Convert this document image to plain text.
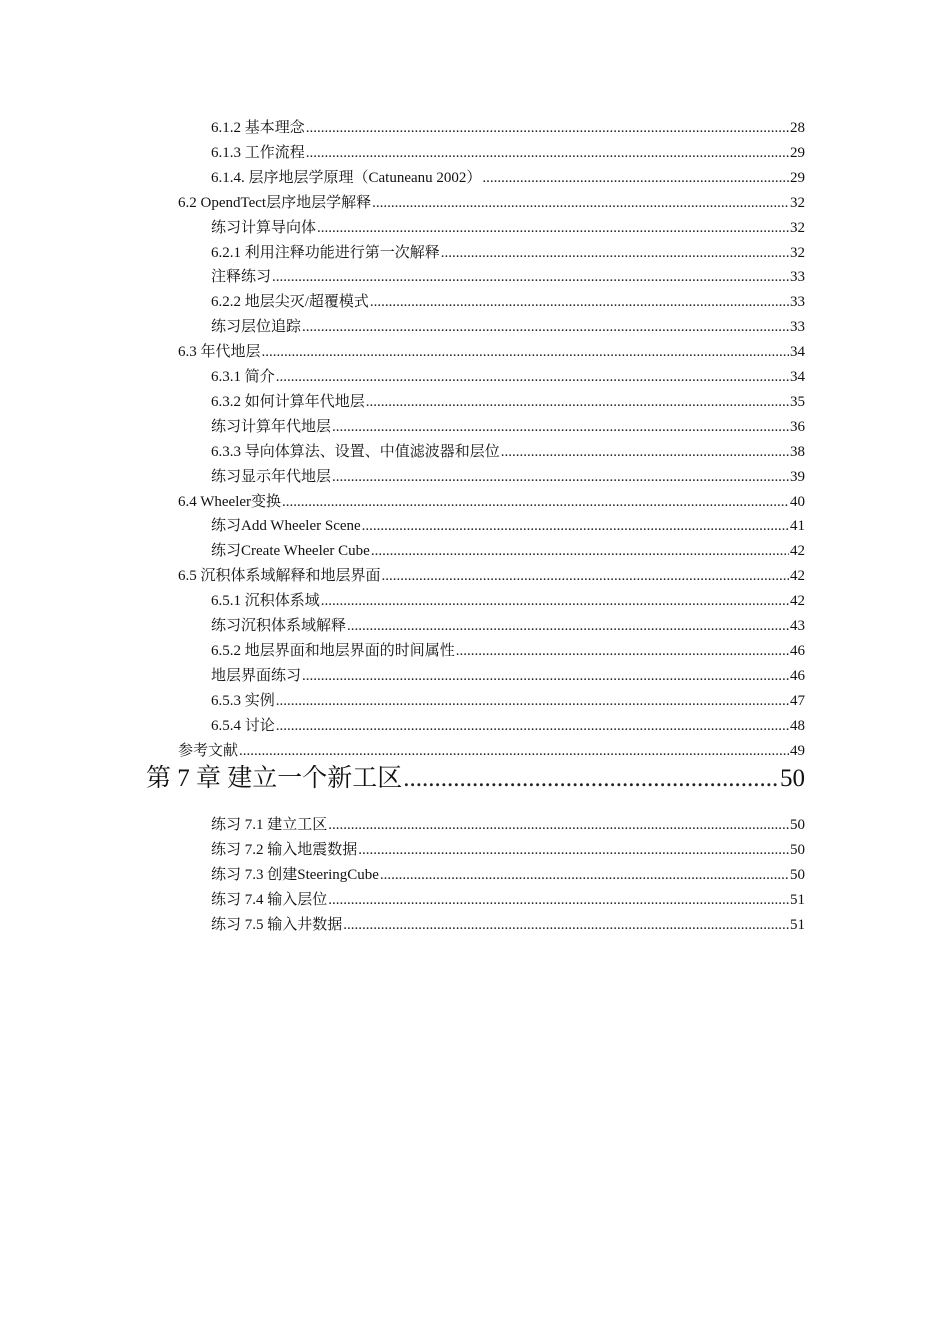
6.1.2 基本理念 .....	28
6.1.3 工作流程 .....	29
6.1.4. 层序地层学原理（Catuneanu 2002） .....	29
6.2 OpendTect层序地层学解释 .....	32
练习计算导向体 .....	32
6.2.1 利用注释功能进行第一次解释 .....	32
注释练习 .....	33
6.2.2 地层尖灭/超覆模式 .....	33
练习层位追踪 .....	33
6.3 年代地层 .....	34
6.3.1 简介 .....	34
6.3.2 如何计算年代地层 .....	35
练习计算年代地层 .....	36
6.3.3 导向体算法、设置、中值滤波器和层位 .....	38
练习显示年代地层 .....	39
6.4 Wheeler变换 .....	40
练习Add Wheeler Scene .....	41
练习Create Wheeler Cube .....	42
6.5 沉积体系域解释和地层界面 .....	42
6.5.1 沉积体系域 .....	42
练习沉积体系域解释 .....	43
6.5.2 地层界面和地层界面的时间属性 .....	46
地层界面练习 .....	46
6.5.3 实例 .....	47
6.5.4 讨论 .....	48
参考文献 .....	49
第 7 章 建立一个新工区 .....	50
练习 7.1 建立工区 .....	50
练习 7.2 输入地震数据 .....	50
练习 7.3 创建SteeringCube .....	50
练习 7.4 输入层位 .....	51
练习 7.5 输入井数据 .....	51
